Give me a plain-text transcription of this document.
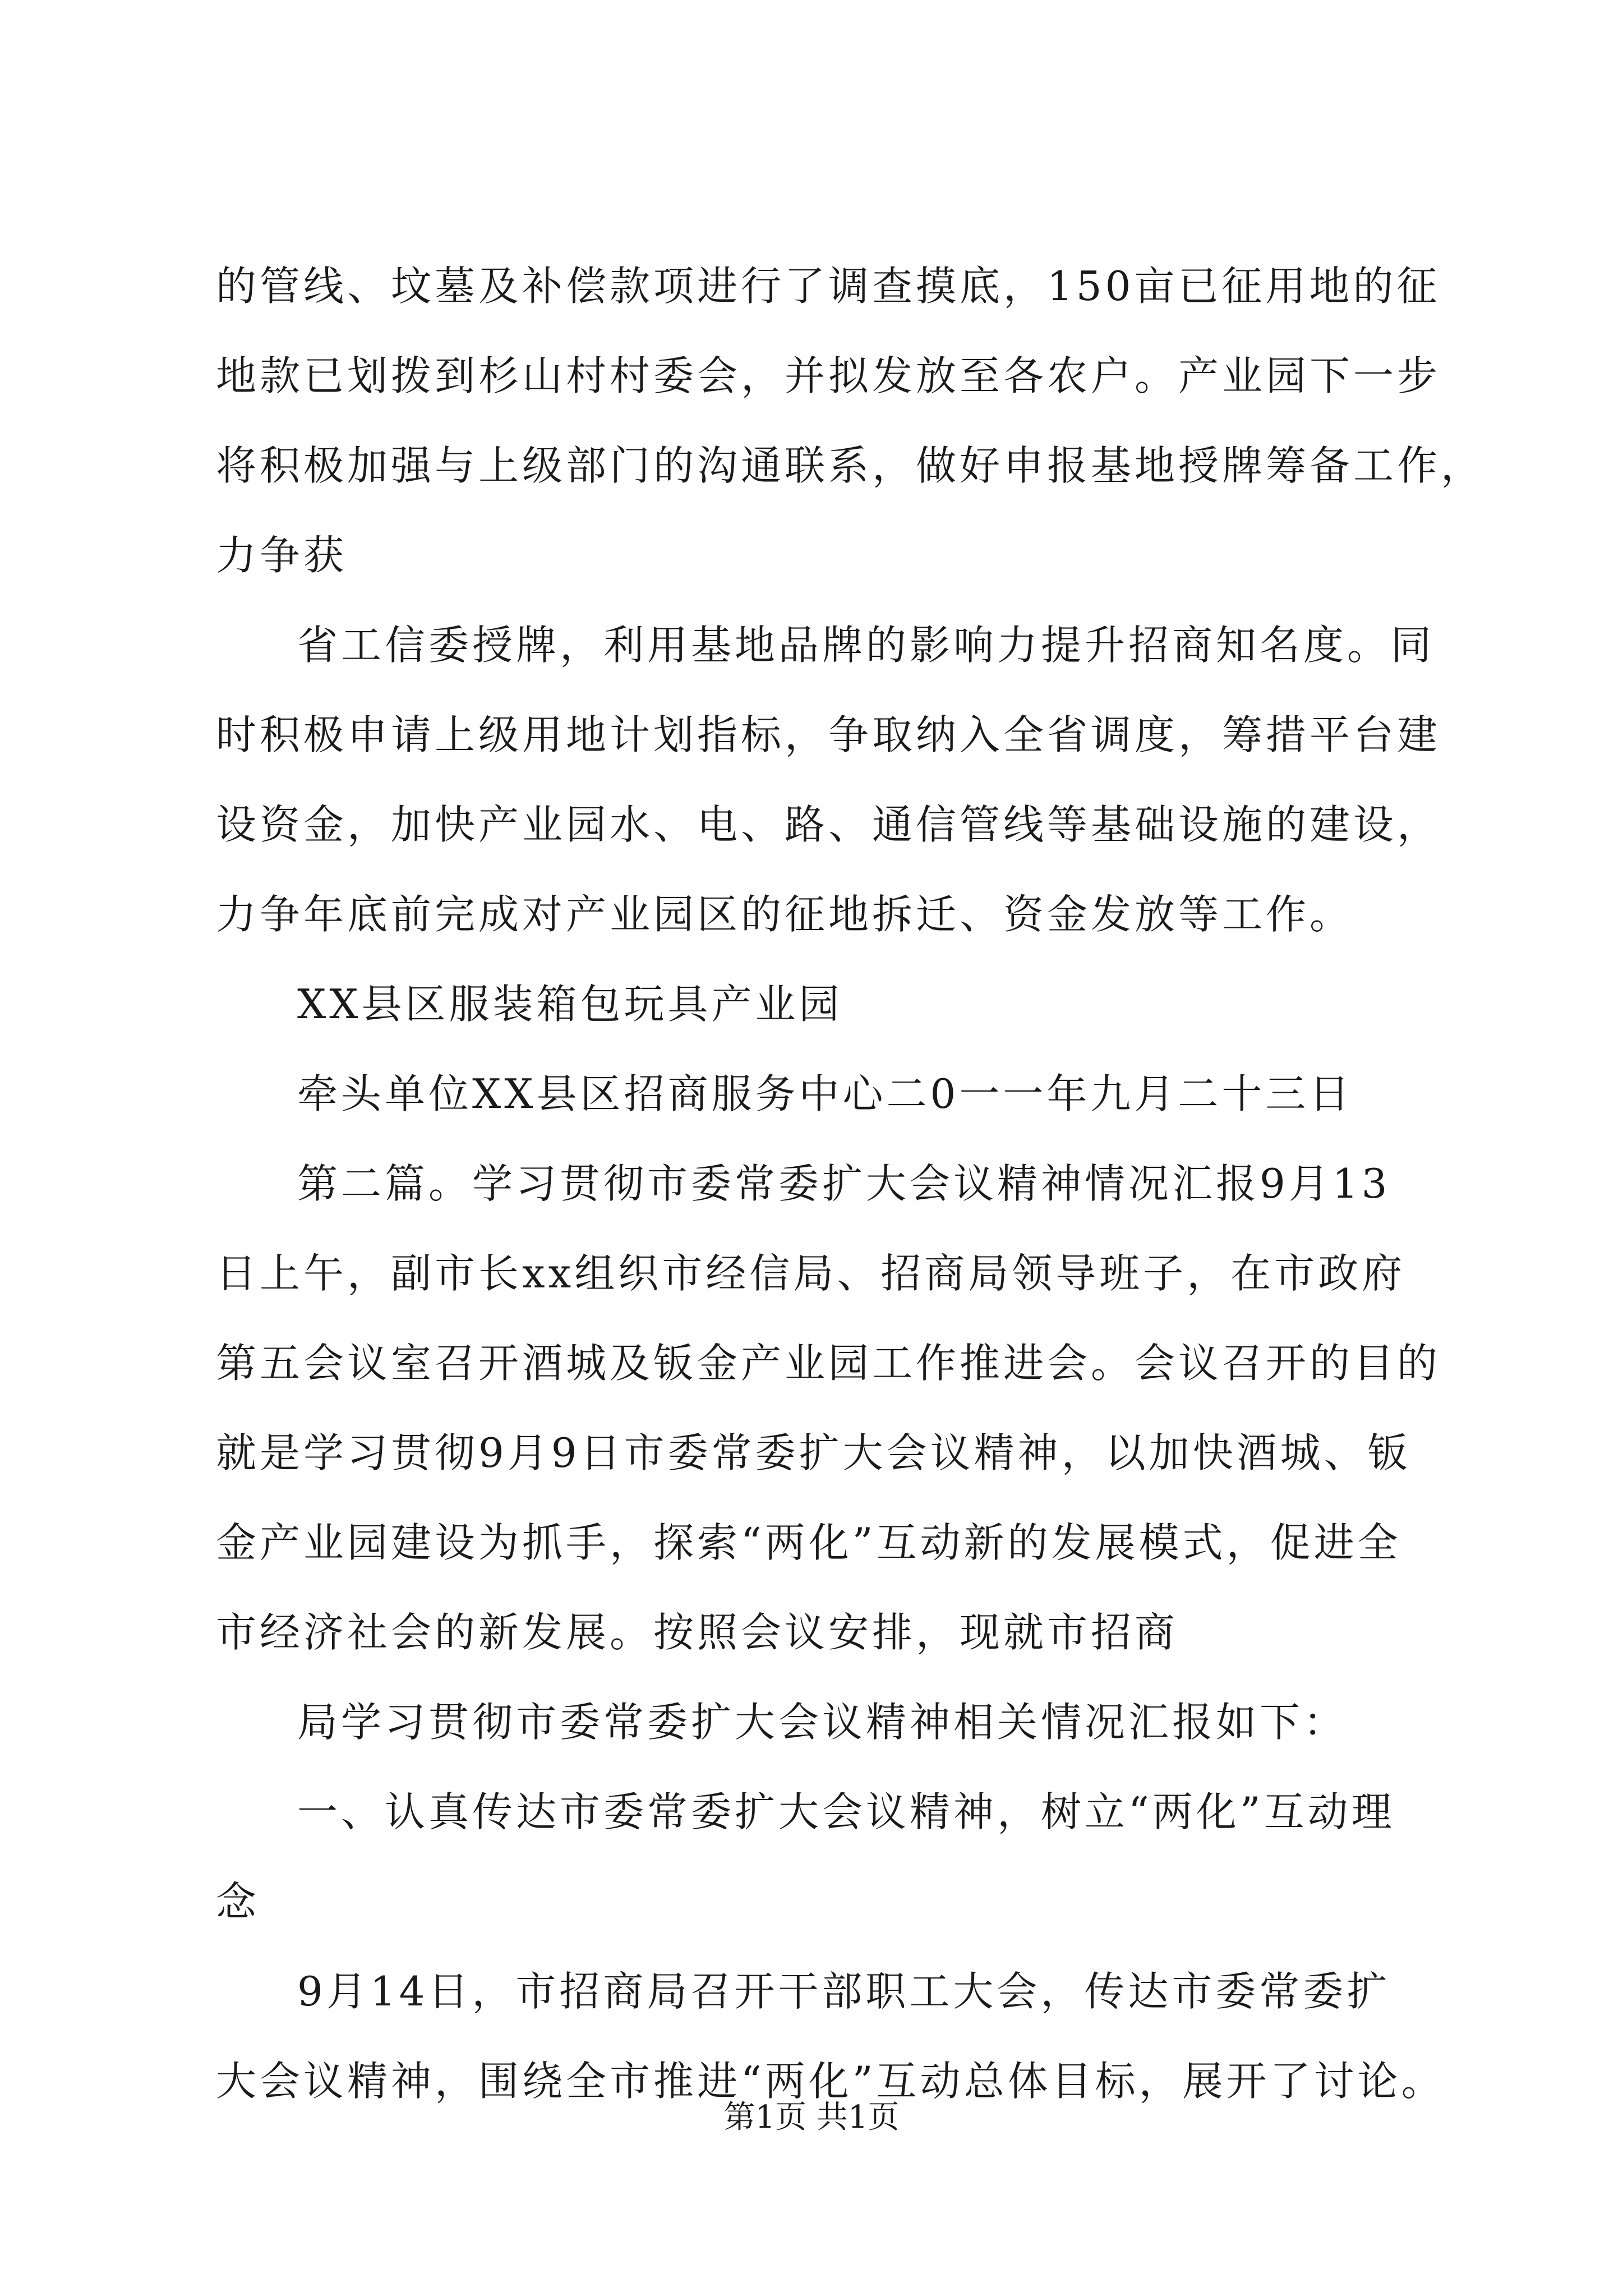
的管线、坟墓及补偿款项进行了调查摸底，150亩已征用地的征

地款已划拨到杉山村村委会，并拟发放至各农户。产业园下一步

将积极加强与上级部门的沟通联系，做好申报基地授牌筹备工作，

力争获

省工信委授牌，利用基地品牌的影响力提升招商知名度。同

时积极申请上级用地计划指标，争取纳入全省调度，筹措平台建

设资金，加快产业园水、电、路、通信管线等基础设施的建设，

力争年底前完成对产业园区的征地拆迁、资金发放等工作。

XX县区服装箱包玩具产业园

牵头单位XX县区招商服务中心二0一一年九月二十三日

第二篇。学习贯彻市委常委扩大会议精神情况汇报9月13

日上午，副市长xx组织市经信局、招商局领导班子，在市政府

第五会议室召开酒城及钣金产业园工作推进会。会议召开的目的

就是学习贯彻9月9日市委常委扩大会议精神，以加快酒城、钣

金产业园建设为抓手，探索“两化”互动新的发展模式，促进全

市经济社会的新发展。按照会议安排，现就市招商

局学习贯彻市委常委扩大会议精神相关情况汇报如下：

一、认真传达市委常委扩大会议精神，树立“两化”互动理

念

9月14日，市招商局召开干部职工大会，传达市委常委扩

大会议精神，围绕全市推进“两化”互动总体目标，展开了讨论。

第1页 共1页
